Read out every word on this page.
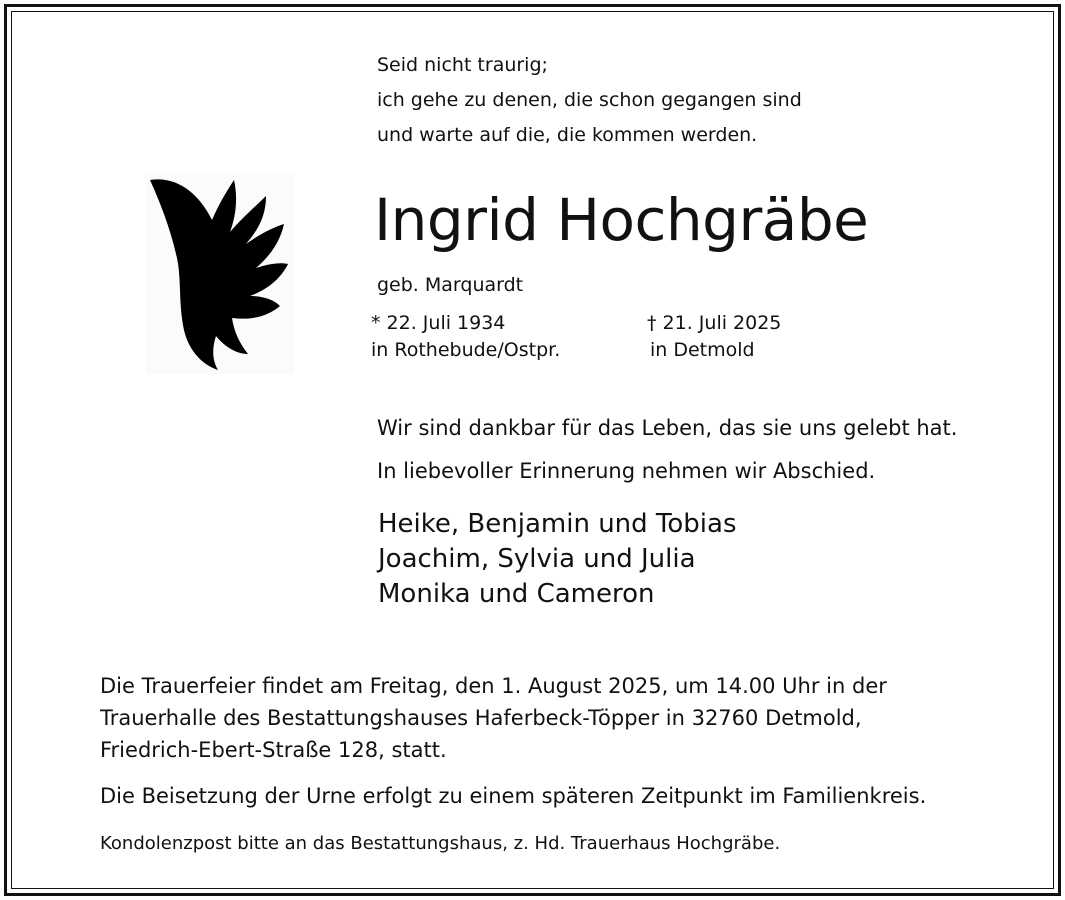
Seid nicht traurig;
ich gehe zu denen, die schon gegangen sind
und warte auf die, die kommen werden.
Ingrid Hochgräbe
geb. Marquardt
* 22. Juli 1934
in Rothebude/Ostpr.
† 21. Juli 2025
in Detmold
Wir sind dankbar für das Leben, das sie uns gelebt hat.
In liebevoller Erinnerung nehmen wir Abschied.
Heike, Benjamin und Tobias
Joachim, Sylvia und Julia
Monika und Cameron
Die Trauerfeier findet am Freitag, den 1. August 2025, um 14.00 Uhr in der
Trauerhalle des Bestattungshauses Haferbeck-Töpper in 32760 Detmold,
Friedrich-Ebert-Straße 128, statt.
Die Beisetzung der Urne erfolgt zu einem späteren Zeitpunkt im Familienkreis.
Kondolenzpost bitte an das Bestattungshaus, z. Hd. Trauerhaus Hochgräbe.
